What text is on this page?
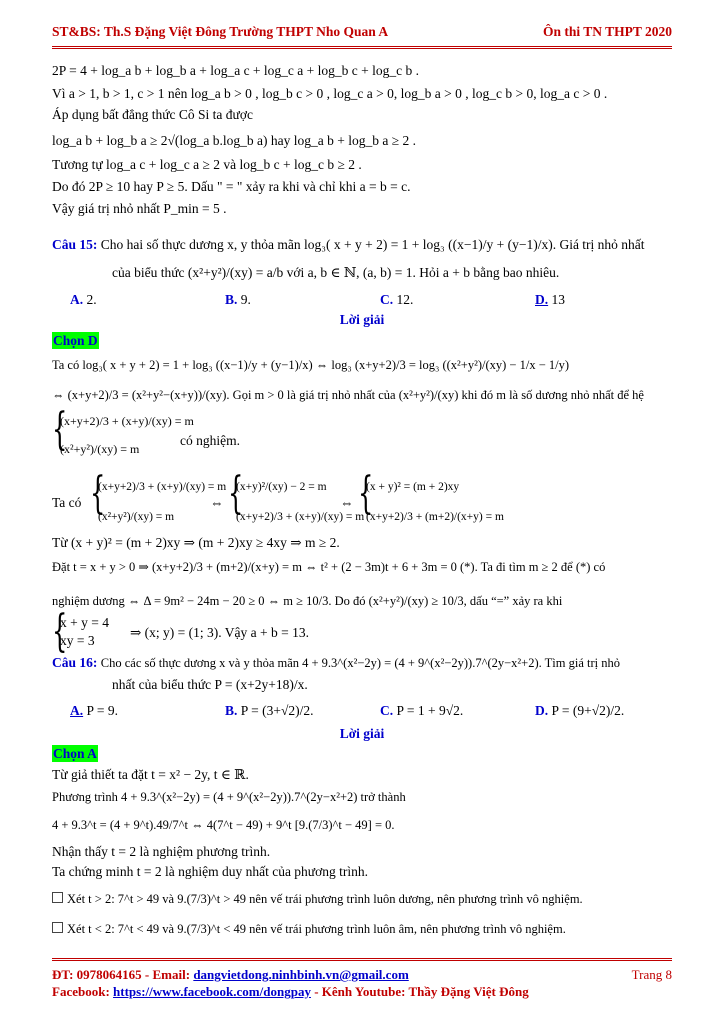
ST&BS: Th.S Đặng Việt Đông Trường THPT Nho Quan A	Ôn thi TN THPT 2020
2P = 4 + log_a b + log_b a + log_a c + log_c a + log_b c + log_c b .
Vì a > 1, b > 1, c > 1 nên log_a b > 0 , log_b c > 0 , log_c a > 0, log_b a > 0 , log_c b > 0, log_a c > 0 .
Áp dụng bất đẳng thức Cô Si ta được
log_a b + log_b a ≥ 2√(log_a b.log_b a) hay log_a b + log_b a ≥ 2 .
Tương tự log_a c + log_c a ≥ 2 và log_b c + log_c b ≥ 2 .
Do đó 2P ≥ 10 hay P ≥ 5. Dấu " = " xảy ra khi và chỉ khi a = b = c.
Vậy giá trị nhỏ nhất P_min = 5 .
Câu 15: Cho hai số thực dương x, y thỏa mãn log₃( x + y + 2) = 1 + log₃ ((x−1)/y + (y−1)/x). Giá trị nhỏ nhất
của biểu thức (x²+y²)/(xy) = a/b với a, b ∈ ℕ, (a, b) = 1. Hỏi a + b bằng bao nhiêu.
A. 2.	B. 9.	C. 12.	D. 13
Lời giải
Chọn D
Ta có log₃( x + y + 2) = 1 + log₃ ((x−1)/y + (y−1)/x) ⇔ log₃ (x+y+2)/3 = log₃ ((x²+y²)/(xy) − 1/x − 1/y)
⇔ (x+y+2)/3 = (x²+y²−(x+y))/(xy). Gọi m > 0 là giá trị nhỏ nhất của (x²+y²)/(xy) khi đó m là số dương nhỏ nhất để hệ
{
(x+y+2)/3 + (x+y)/(xy) = m
(x²+y²)/(xy) = m
có nghiệm.
Ta có {
(x+y+2)/3 + (x+y)/(xy) = m
(x²+y²)/(xy) = m
⇔ {
(x+y)²/(xy) − 2 = m
(x+y+2)/3 + (x+y)/(xy) = m
⇔ {
(x + y)² = (m + 2)xy
(x+y+2)/3 + (m+2)/(x+y) = m
Từ (x + y)² = (m + 2)xy ⇒ (m + 2)xy ≥ 4xy ⇒ m ≥ 2.
Đặt t = x + y > 0 ⇒ (x+y+2)/3 + (m+2)/(x+y) = m ⇔ t² + (2 − 3m)t + 6 + 3m = 0 (*). Ta đi tìm m ≥ 2 để (*) có
nghiệm dương ⇔ Δ = 9m² − 24m − 20 ≥ 0 ⇔ m ≥ 10/3. Do đó (x²+y²)/(xy) ≥ 10/3, dấu “=” xảy ra khi
{
x + y = 4
xy = 3
⇒ (x; y) = (1; 3). Vậy a + b = 13.
Câu 16: Cho các số thực dương x và y thỏa mãn 4 + 9.3^(x²−2y) = (4 + 9^(x²−2y)).7^(2y−x²+2). Tìm giá trị nhỏ
nhất của biểu thức P = (x+2y+18)/x.
A. P = 9.	B. P = (3+√2)/2.	C. P = 1 + 9√2.	D. P = (9+√2)/2.
Lời giải
Chọn A
Từ giả thiết ta đặt t = x² − 2y, t ∈ ℝ.
Phương trình 4 + 9.3^(x²−2y) = (4 + 9^(x²−2y)).7^(2y−x²+2) trở thành
4 + 9.3^t = (4 + 9^t).49/7^t ⇔ 4(7^t − 49) + 9^t [9.(7/3)^t − 49] = 0.
Nhận thấy t = 2 là nghiệm phương trình.
Ta chứng minh t = 2 là nghiệm duy nhất của phương trình.
Xét t > 2: 7^t > 49 và 9.(7/3)^t > 49 nên vế trái phương trình luôn dương, nên phương trình vô nghiệm.
Xét t < 2: 7^t < 49 và 9.(7/3)^t < 49 nên vế trái phương trình luôn âm, nên phương trình vô nghiệm.
ĐT: 0978064165 - Email: dangvietdong.ninhbinh.vn@gmail.com	Trang 8
Facebook: https://www.facebook.com/dongpay - Kênh Youtube: Thầy Đặng Việt Đông
